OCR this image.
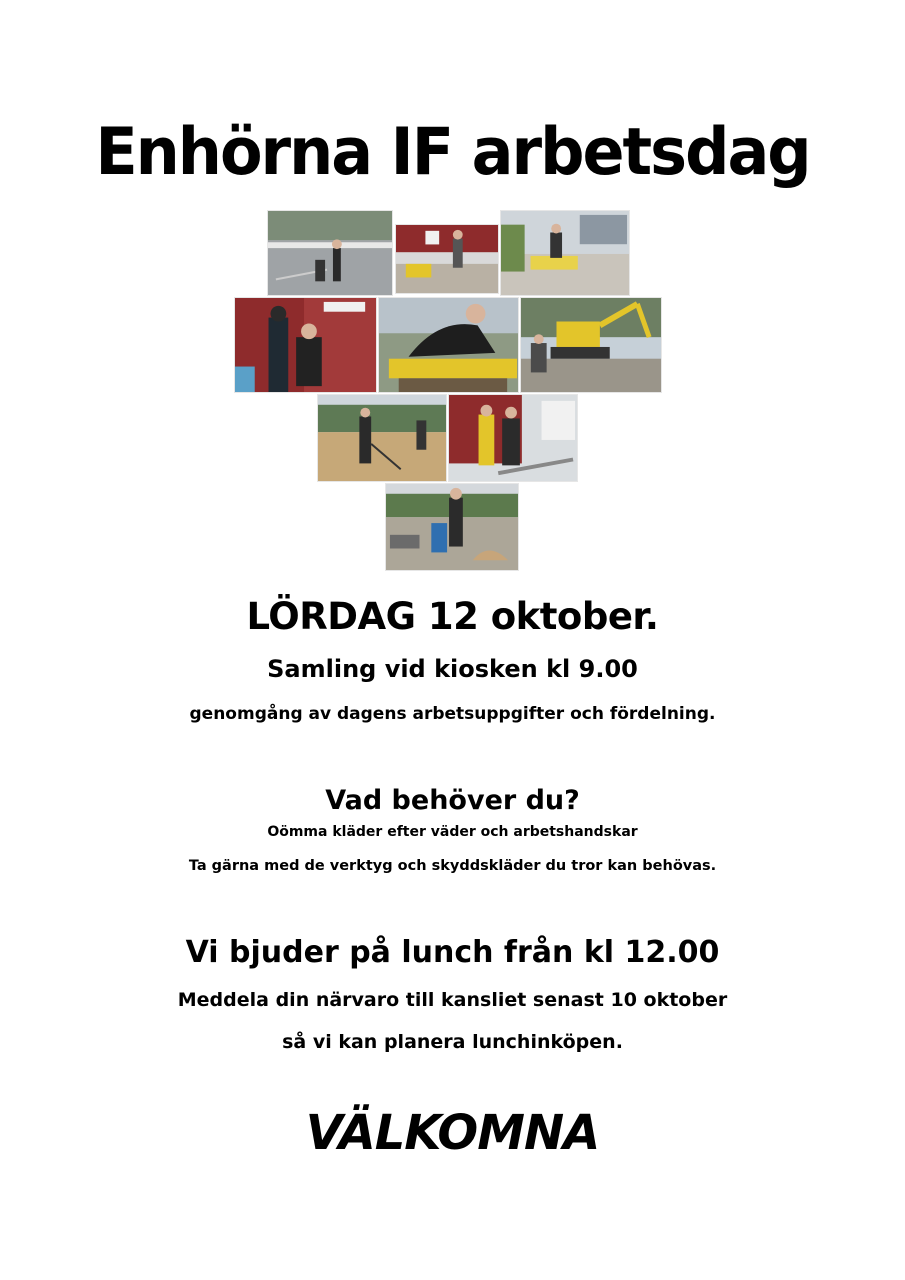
Enhörna IF arbetsdag
LÖRDAG 12 oktober.
Samling vid kiosken kl 9.00
genomgång av dagens arbetsuppgifter och fördelning.
Vad behöver du?
Oömma kläder efter väder och arbetshandskar
Ta gärna med de verktyg och skyddskläder du tror kan behövas.
Vi bjuder på lunch från kl 12.00
Meddela din närvaro till kansliet senast 10 oktober
så vi kan planera lunchinköpen.
VÄLKOMNA
